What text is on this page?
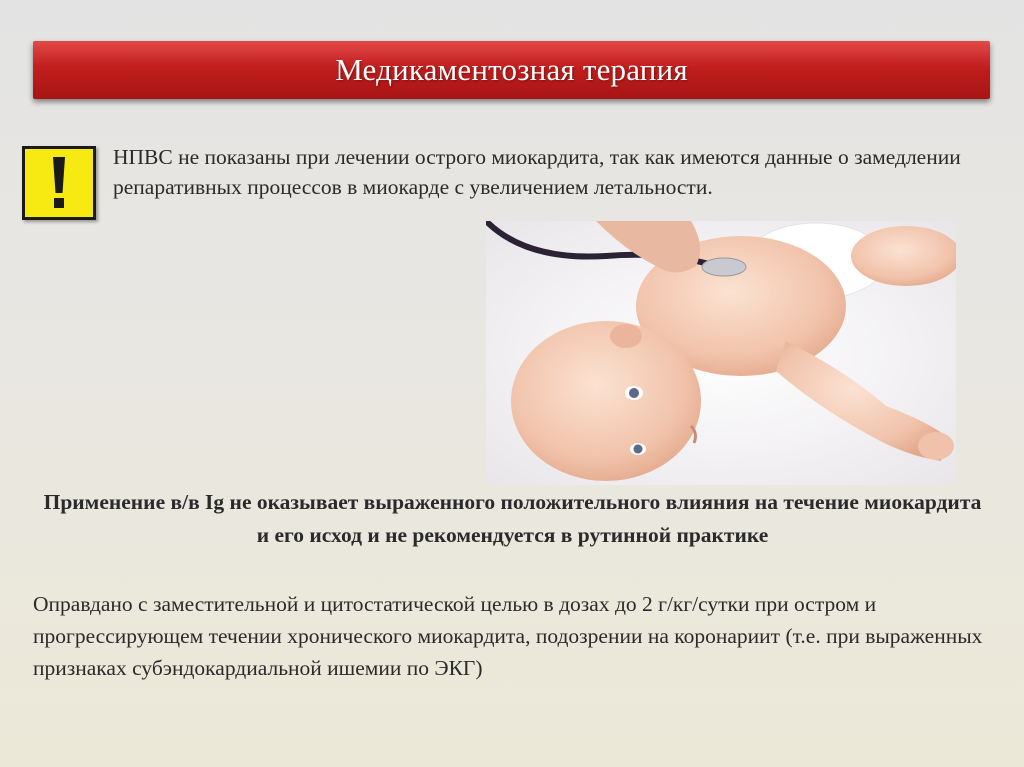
Медикаментозная терапия
НПВС не показаны при лечении острого миокардита, так как имеются данные о замедлении репаративных процессов в миокарде с увеличением летальности.
Применение в/в Ig не оказывает выраженного положительного влияния на течение миокардита и его исход и не рекомендуется в рутинной практике
Оправдано с заместительной и цитостатической целью в дозах до 2 г/кг/сутки при остром и прогрессирующем течении хронического миокардита, подозрении на коронариит (т.е. при выраженных признаках субэндокардиальной ишемии по ЭКГ)
